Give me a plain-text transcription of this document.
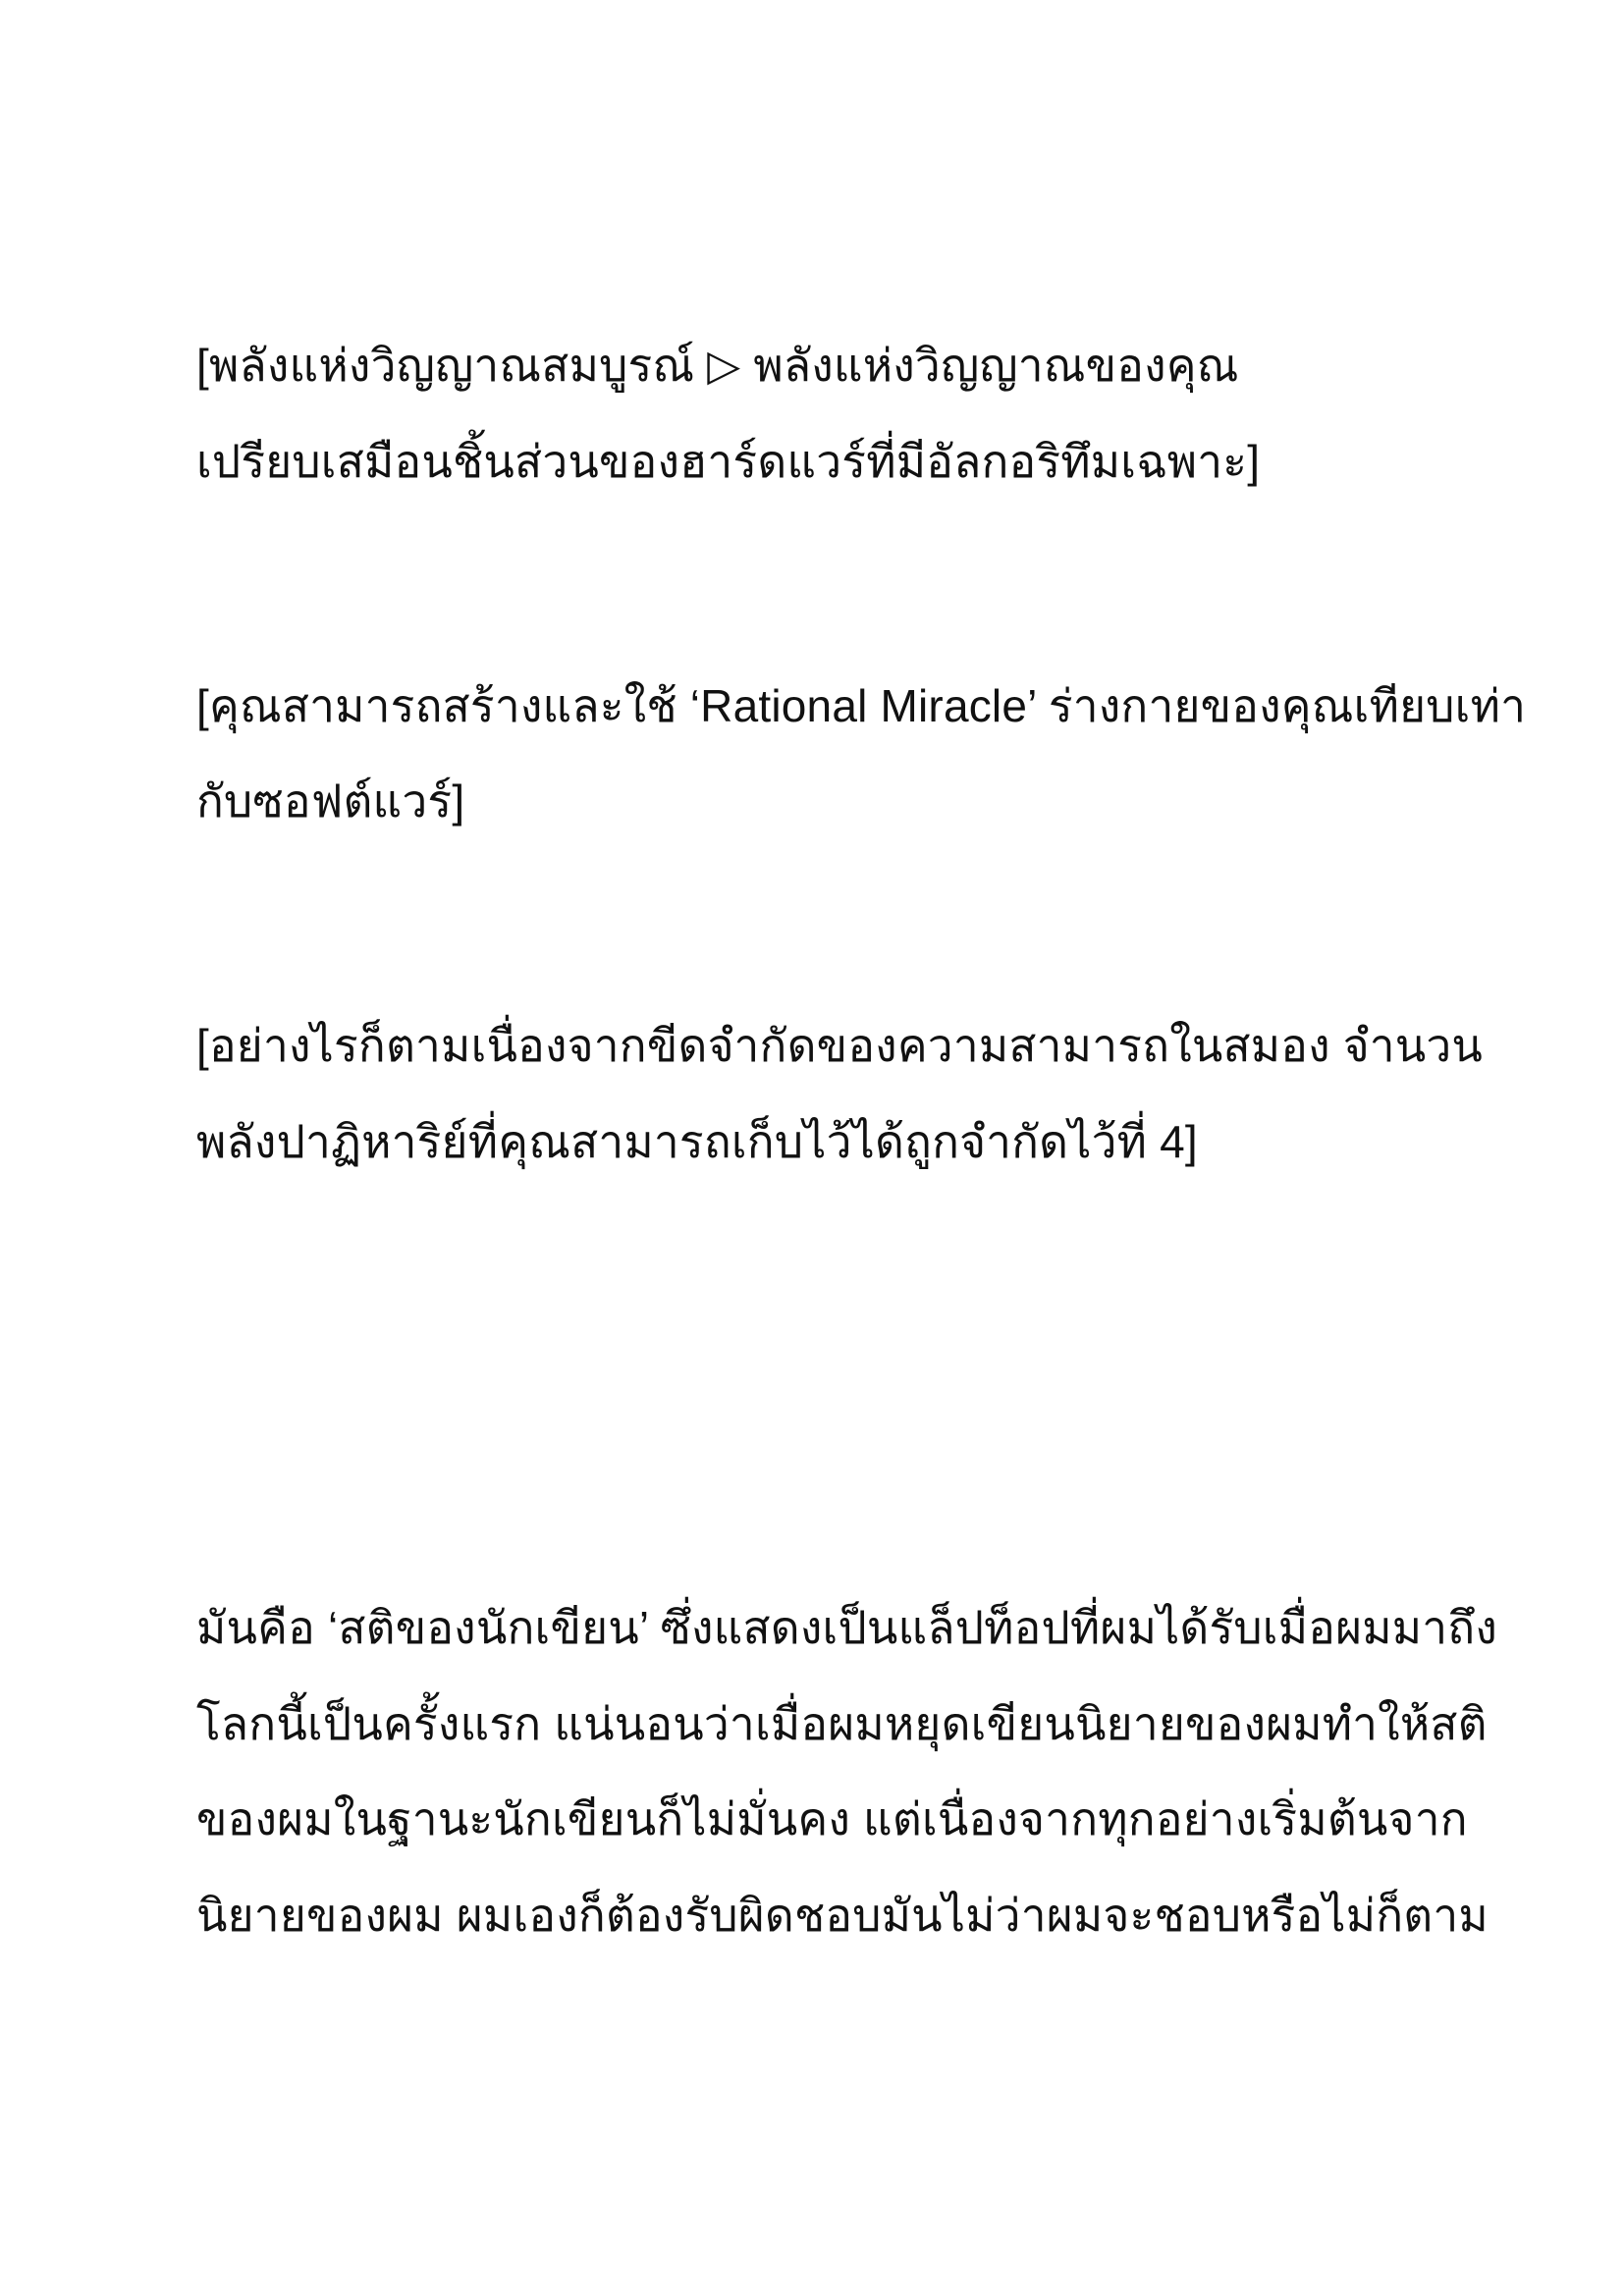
[พลังแห่งวิญญาณสมบูรณ์ ▷ พลังแห่งวิญญาณของคุณ
เปรียบเสมือนชิ้นส่วนของฮาร์ดแวร์ที่มีอัลกอริทึมเฉพาะ]
[คุณสามารถสร้างและใช้ ‘Rational Miracle’ ร่างกายของคุณเทียบเท่า
กับซอฟต์แวร์]
[อย่างไรก็ตามเนื่องจากขีดจำกัดของความสามารถในสมอง จำนวน
พลังปาฏิหาริย์ที่คุณสามารถเก็บไว้ได้ถูกจำกัดไว้ที่ 4]
มันคือ ‘สติของนักเขียน’ ซึ่งแสดงเป็นแล็ปท็อปที่ผมได้รับเมื่อผมมาถึง
โลกนี้เป็นครั้งแรก แน่นอนว่าเมื่อผมหยุดเขียนนิยายของผมทำให้สติ
ของผมในฐานะนักเขียนก็ไม่มั่นคง แต่เนื่องจากทุกอย่างเริ่มต้นจาก
นิยายของผม ผมเองก็ต้องรับผิดชอบมันไม่ว่าผมจะชอบหรือไม่ก็ตาม
